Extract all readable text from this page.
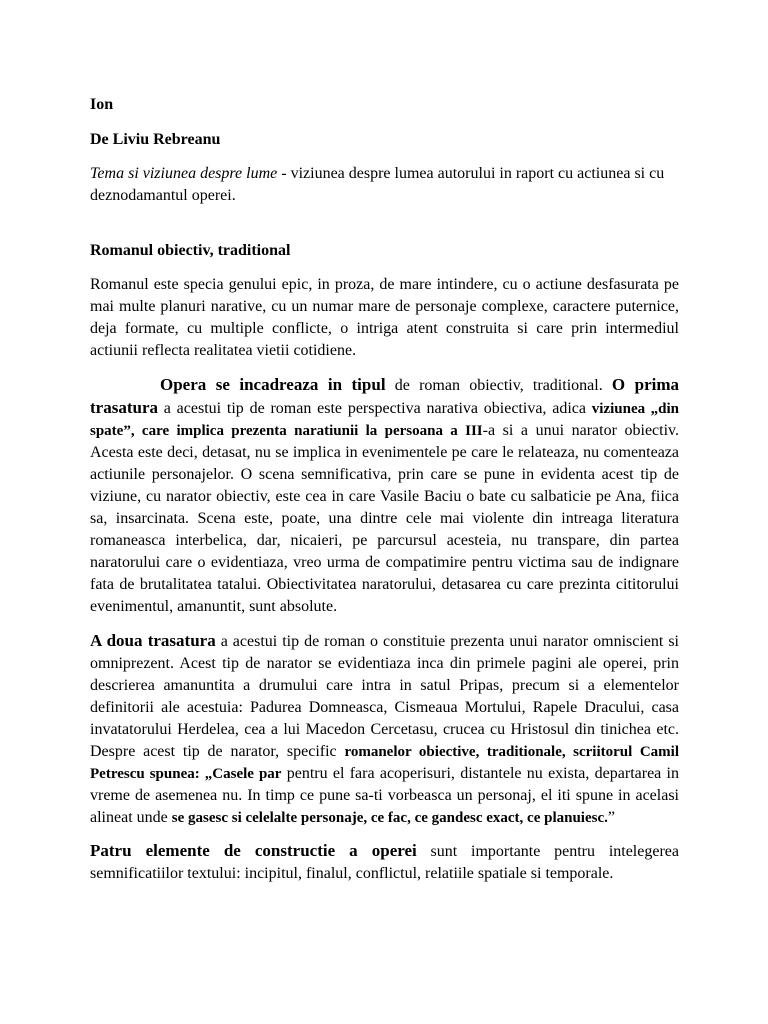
Ion
De Liviu Rebreanu

Tema si viziunea despre lume - viziunea despre lumea autorului in raport cu actiunea si cu deznodamantul operei.

Romanul obiectiv, traditional

Romanul este specia genului epic, in proza, de mare intindere, cu o actiune desfasurata pe mai multe planuri narative, cu un numar mare de personaje complexe, caractere puternice, deja formate, cu multiple conflicte, o intriga atent construita si care prin intermediul actiunii reflecta realitatea vietii cotidiene.

Opera se incadreaza in tipul de roman obiectiv, traditional. O prima trasatura a acestui tip de roman este perspectiva narativa obiectiva, adica viziunea „din spate”, care implica prezenta naratiunii la persoana a III-a si a unui narator obiectiv. Acesta este deci, detasat, nu se implica in evenimentele pe care le relateaza, nu comenteaza actiunile personajelor. O scena semnificativa, prin care se pune in evidenta acest tip de viziune, cu narator obiectiv, este cea in care Vasile Baciu o bate cu salbaticie pe Ana, fiica sa, insarcinata. Scena este, poate, una dintre cele mai violente din intreaga literatura romaneasca interbelica, dar, nicaieri, pe parcursul acesteia, nu transpare, din partea naratorului care o evidentiaza, vreo urma de compatimire pentru victima sau de indignare fata de brutalitatea tatalui. Obiectivitatea naratorului, detasarea cu care prezinta cititorului evenimentul, amanuntit, sunt absolute.

A doua trasatura a acestui tip de roman o constituie prezenta unui narator omniscient si omniprezent. Acest tip de narator se evidentiaza inca din primele pagini ale operei, prin descrierea amanuntita a drumului care intra in satul Pripas, precum si a elementelor definitorii ale acestuia: Padurea Domneasca, Cismeaua Mortului, Rapele Dracului, casa invatatorului Herdelea, cea a lui Macedon Cercetasu, crucea cu Hristosul din tinichea etc. Despre acest tip de narator, specific romanelor obiective, traditionale, scriitorul Camil Petrescu spunea: „Casele par pentru el fara acoperisuri, distantele nu exista, departarea in vreme de asemenea nu. In timp ce pune sa-ti vorbeasca un personaj, el iti spune in acelasi alineat unde se gasesc si celelalte personaje, ce fac, ce gandesc exact, ce planuiesc.”

Patru elemente de constructie a operei sunt importante pentru intelegerea semnificatiilor textului: incipitul, finalul, conflictul, relatiile spatiale si temporale.
